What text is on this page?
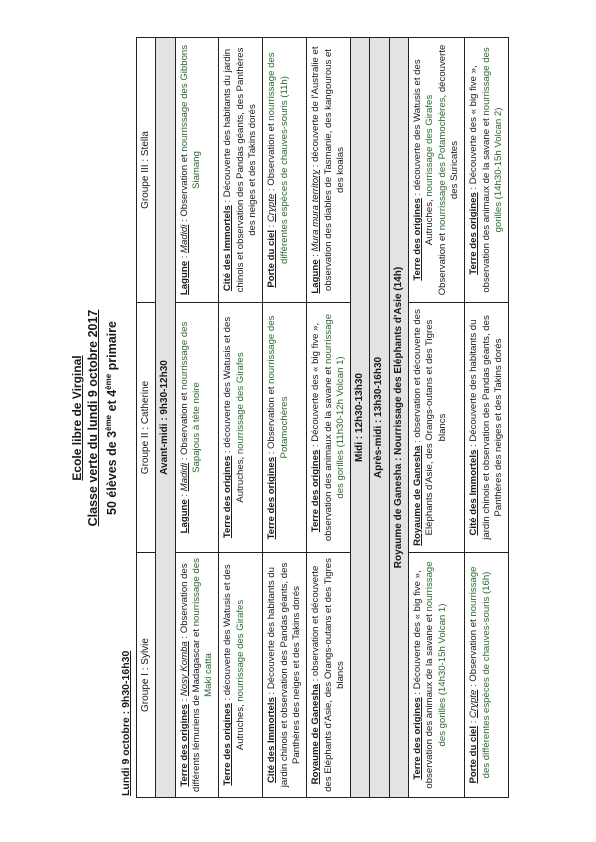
Ecole libre de Virginal Classe verte du lundi 9 octobre 2017 50 élèves de 3ème et 4ème primaire
Lundi 9 octobre : 9h30-16h30 Groupe I : Sylvie	Groupe II : Catherine	Groupe III : Stella
Avant-midi : 9h30-12h30		
Terre des origines : Nosy Komba : Observation des différents lémuriens de Madagascar et nourrissage des Maki catta	Lagune : Madidi : Observation et nourrissage des Sapajous à tête noire	Lagune : Madidi : Observation et nourrissage des Gibbons Siamang
Terre des origines : découverte des Watusis et des Autruches, nourrissage des Girafes	Terre des origines : découverte des Watusis et des Autruches, nourrissage des Girafes	Cité des Immortels : Découverte des habitants du jardin chinois et observation des Pandas géants, des Panthères des neiges et des Takins dorés
Cité des Immortels : Découverte des habitants du jardin chinois et observation des Pandas géants, des Panthères des neiges et des Takins dorés	Terre des origines : Observation et nourrissage des Potamochères	Porte du ciel : Crypte : Observation et nourrissage des différentes espèces de chauves-souris (11h)
Royaume de Ganesha : observation et découverte des Eléphants d'Asie, des Orangs-outans et des Tigres blancs	Terre des origines : Découverte des « big five », observation des animaux de la savane et nourrissage des gorilles (11h30-12h Volcan 1)	Lagune : Mura mura territory : découverte de l'Australie et observation des diables de Tasmanie, des kangourous et des koalas
Midi : 12h30-13h30		
Après-midi : 13h30-16h30		
Royaume de Ganesha : Nourrissage des Eléphants d'Asie (14h)		
Terre des origines : Découverte des « big five », observation des animaux de la savane et nourrissage des gorilles (14h30-15h Volcan 1)	Royaume de Ganesha : observation et découverte des Eléphants d'Asie, des Orangs-outans et des Tigres blancs	Terre des origines : découverte des Watusis et des Autruches, nourrissage des Girafes
Observation et nourrissage des Potamochères, découverte des Suricates
Porte du ciel : Crypte : Observation et nourrissage des différentes espèces de chauves-souris (16h)	Cité des Immortels : Découverte des habitants du jardin chinois et observation des Pandas géants, des Panthères des neiges et des Takins dorés	Terre des origines : Découverte des « big five », observation des animaux de la savane et nourrissage des gorilles (14h30-15h Volcan 2)
